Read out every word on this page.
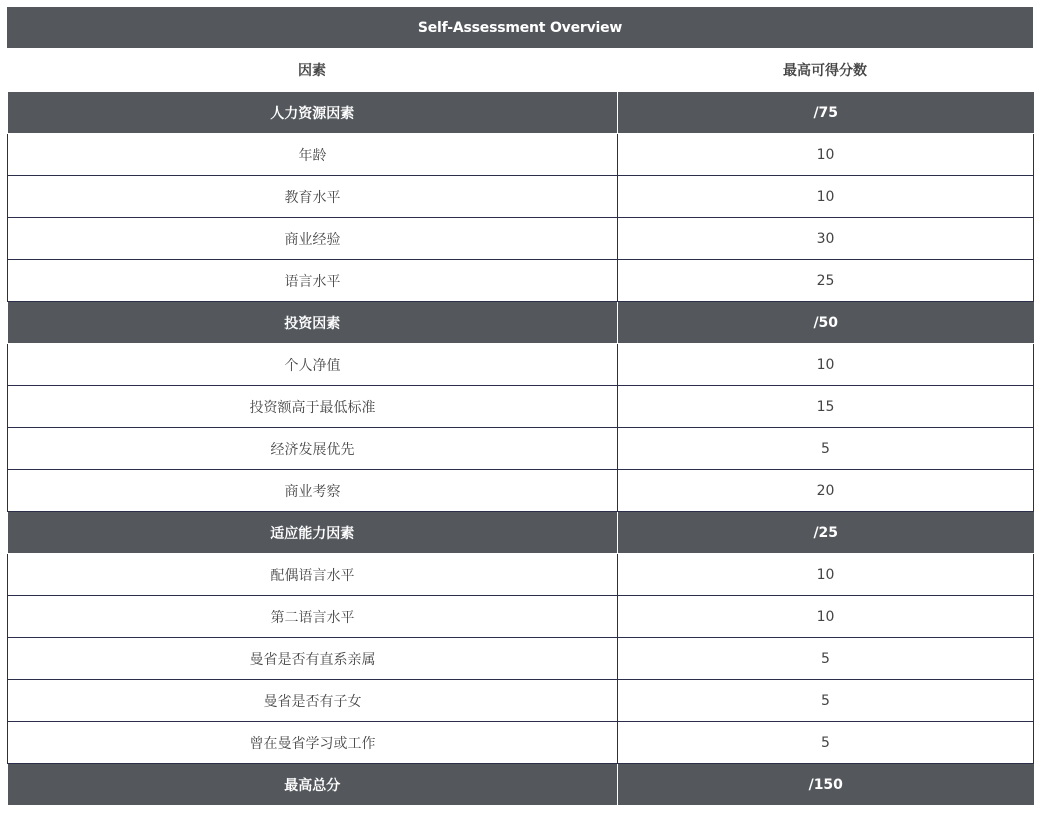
Self-Assessment Overview
因素	最高可得分数
人力资源因素	/75
年龄	10
教育水平	10
商业经验	30
语言水平	25
投资因素	/50
个人净值	10
投资额高于最低标准	15
经济发展优先	5
商业考察	20
适应能力因素	/25
配偶语言水平	10
第二语言水平	10
曼省是否有直系亲属	5
曼省是否有子女	5
曾在曼省学习或工作	5
最高总分	/150
